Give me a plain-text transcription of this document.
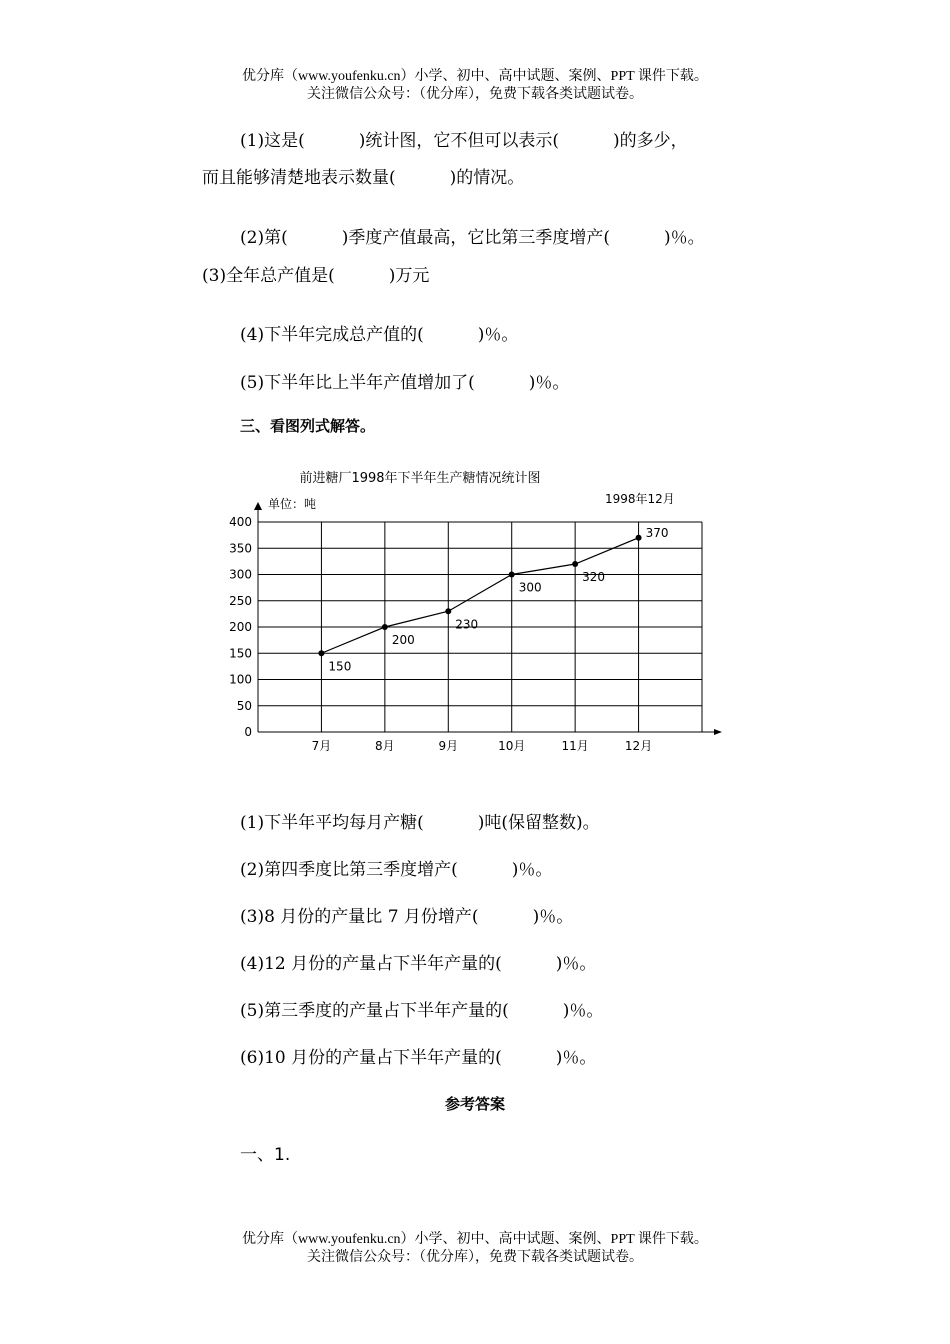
优分库（www.youfenku.cn）小学、初中、高中试题、案例、PPT 课件下载。
关注微信公众号：（优分库），免费下载各类试题试卷。
(1)这是(          )统计图，它不但可以表示(          )的多少，
而且能够清楚地表示数量(          )的情况。
(2)第(          )季度产值最高，它比第三季度增产(          )％。
(3)全年总产值是(          )万元
(4)下半年完成总产值的(          )％。
(5)下半年比上半年产值增加了(          )％。
三、看图列式解答。
前进糖厂1998年下半年生产糖情况统计图
单位：吨	1998年12月
0
50
100
150
200
250
300
350
400
7月	8月	9月	10月	11月	12月
150
200
230
300
320
370
(1)下半年平均每月产糖(          )吨(保留整数)。
(2)第四季度比第三季度增产(          )％。
(3)8 月份的产量比 7 月份增产(          )％。
(4)12 月份的产量占下半年产量的(          )％。
(5)第三季度的产量占下半年产量的(          )％。
(6)10 月份的产量占下半年产量的(          )％。
参考答案
一、1.
优分库（www.youfenku.cn）小学、初中、高中试题、案例、PPT 课件下载。
关注微信公众号：（优分库），免费下载各类试题试卷。
